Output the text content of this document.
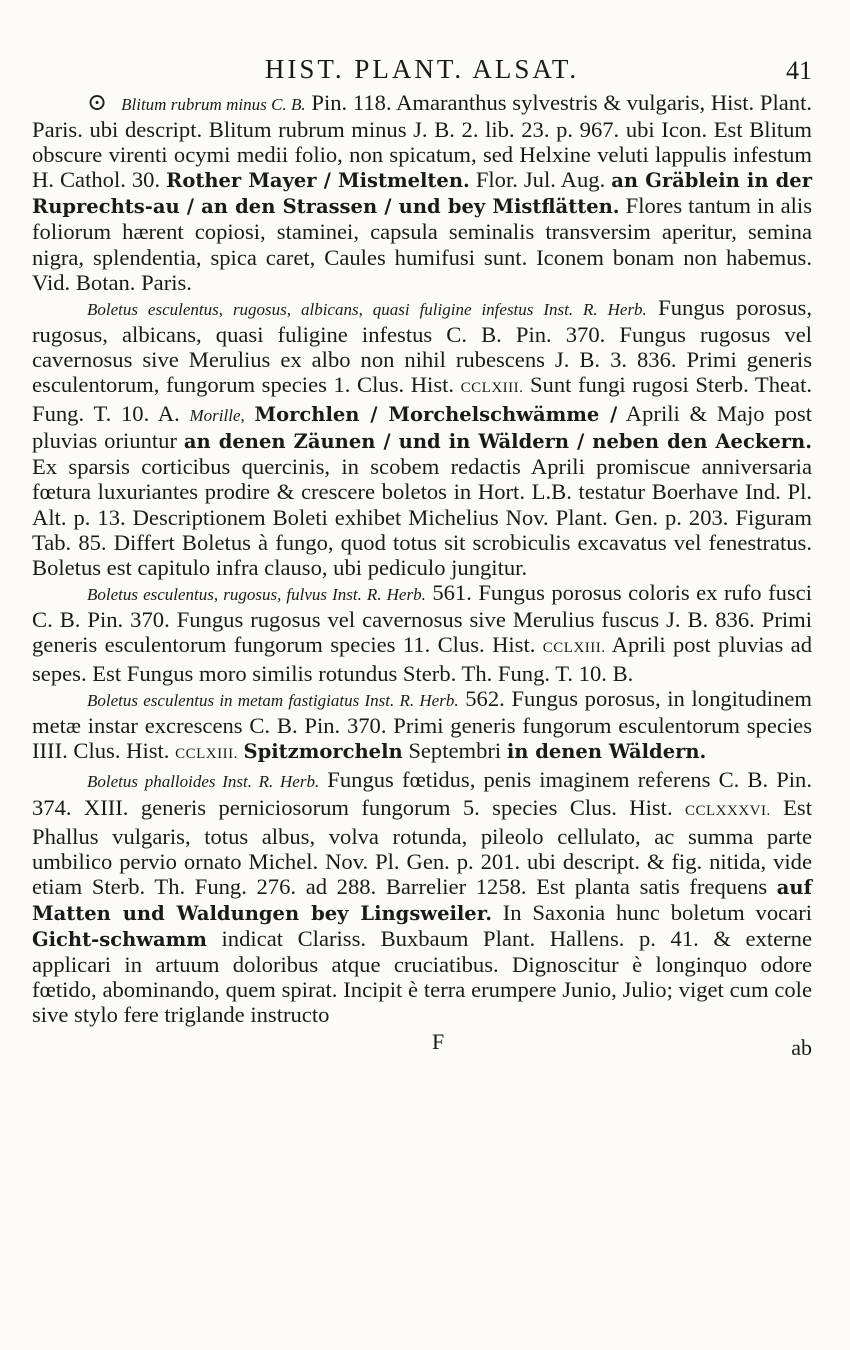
HIST. PLANT. ALSAT.	41

⊙ Blitum rubrum minus C. B. Pin. 118. Amaranthus sylvestris & vulgaris, Hist. Plant. Paris. ubi descript. Blitum rubrum minus J. B. 2. lib. 23. p. 967. ubi Icon. Est Blitum obscure virenti ocymi medii folio, non spicatum, sed Helxine veluti lappulis infestum H. Cathol. 30. Rother Mayer / Mistmelten. Flor. Jul. Aug. an Gräblein in der Ruprechts-au / an den Strassen / und bey Mistflätten. Flores tantum in alis foliorum hærent copiosi, staminei, capsula seminalis transversim aperitur, semina nigra, splendentia, spica caret, Caules humifusi sunt. Iconem bonam non habemus. Vid. Botan. Paris.

Boletus esculentus, rugosus, albicans, quasi fuligine infestus Inst. R. Herb. Fungus porosus, rugosus, albicans, quasi fuligine infestus C. B. Pin. 370. Fungus rugosus vel cavernosus sive Merulius ex albo non nihil rubescens J. B. 3. 836. Primi generis esculentorum, fungorum species 1. Clus. Hist. CCLXIII. Sunt fungi rugosi Sterb. Theat. Fung. T. 10. A. Morille, Morchlen / Morchelschwämme / Aprili & Majo post pluvias oriuntur an denen Zäunen / und in Wäldern / neben den Aeckern. Ex sparsis corticibus quercinis, in scobem redactis Aprili promiscue anniversaria fœtura luxuriantes prodire & crescere boletos in Hort. L.B. testatur Boerhave Ind. Pl. Alt. p. 13. Descriptionem Boleti exhibet Michelius Nov. Plant. Gen. p. 203. Figuram Tab. 85. Differt Boletus à fungo, quod totus sit scrobiculis excavatus vel fenestratus. Boletus est capitulo infra clauso, ubi pediculo jungitur.

Boletus esculentus, rugosus, fulvus Inst. R. Herb. 561. Fungus porosus coloris ex rufo fusci C. B. Pin. 370. Fungus rugosus vel cavernosus sive Merulius fuscus J. B. 836. Primi generis esculentorum fungorum species 11. Clus. Hist. CCLXIII. Aprili post pluvias ad sepes. Est Fungus moro similis rotundus Sterb. Th. Fung. T. 10. B.

Boletus esculentus in metam fastigiatus Inst. R. Herb. 562. Fungus porosus, in longitudinem metæ instar excrescens C. B. Pin. 370. Primi generis fungorum esculentorum species IIII. Clus. Hist. CCLXIII. Spitzmorcheln Septembri in denen Wäldern.

Boletus phalloides Inst. R. Herb. Fungus fœtidus, penis imaginem referens C. B. Pin. 374. XIII. generis perniciosorum fungorum 5. species Clus. Hist. CCLXXXVI. Est Phallus vulgaris, totus albus, volva rotunda, pileolo cellulato, ac summa parte umbilico pervio ornato Michel. Nov. Pl. Gen. p. 201. ubi descript. & fig. nitida, vide etiam Sterb. Th. Fung. 276. ad 288. Barrelier 1258. Est planta satis frequens auf Matten und Waldungen bey Lingsweiler. In Saxonia hunc boletum vocari Gicht-schwamm indicat Clariss. Buxbaum Plant. Hallens. p. 41. & externe applicari in artuum doloribus atque cruciatibus. Dignoscitur è longinquo odore fœtido, abominando, quem spirat. Incipit è terra erumpere Junio, Julio; viget cum cole sive stylo fere triglande instructo

F	ab
